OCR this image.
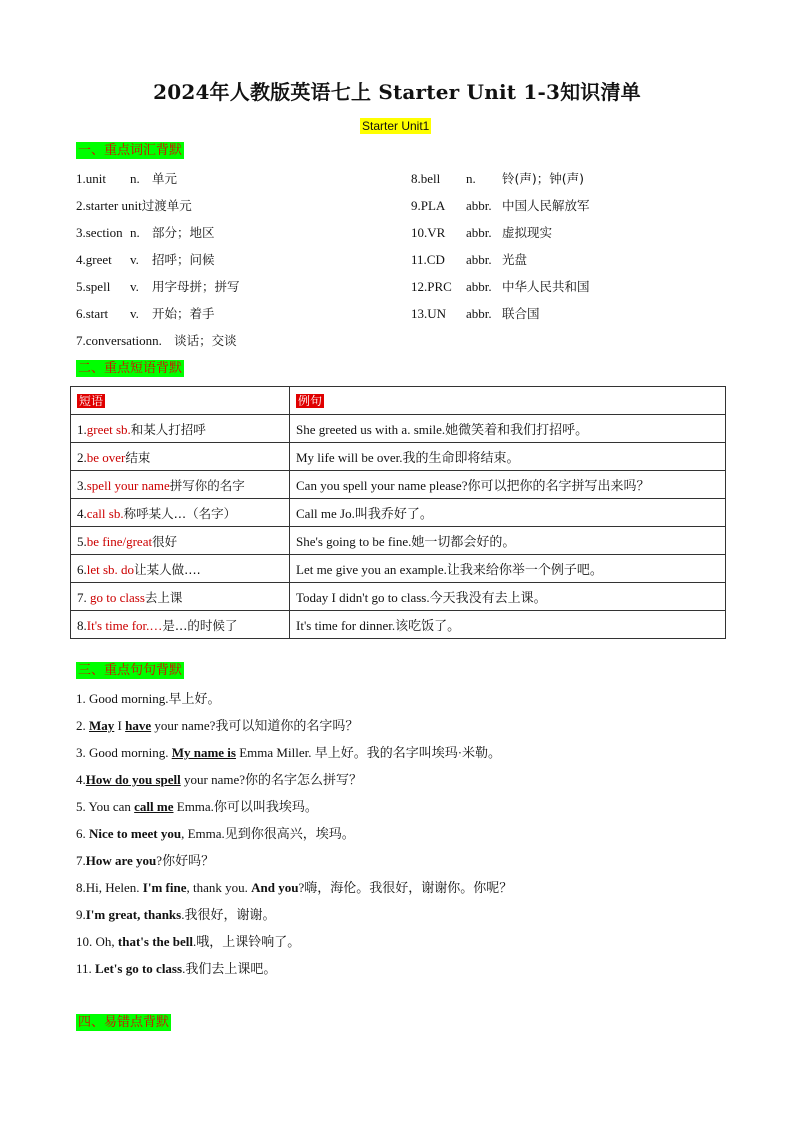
2024年人教版英语七上 Starter Unit 1-3知识清单
Starter Unit1
一、重点词汇背默
1.unit n. 单元
2.starter unit过渡单元
3.section n. 部分；地区
4.greet v. 招呼；问候
5.spell v. 用字母拼；拼写
6.start v. 开始；着手
7.conversationn. 谈话；交谈
8.bell n. 铃(声)；钟(声)
9.PLA abbr. 中国人民解放军
10.VR abbr. 虚拟现实
11.CD abbr. 光盘
12.PRC abbr. 中华人民共和国
13.UN abbr. 联合国
二、重点短语背默
短语	例句
1.greet sb.和某人打招呼	She greeted us with a. smile.她微笑着和我们打招呼。
2.be over结束	My life will be over.我的生命即将结束。
3.spell your name拼写你的名字	Can you spell your name please?你可以把你的名字拼写出来吗？
4.call sb.称呼某人…（名字）	Call me Jo.叫我乔好了。
5.be fine/great很好	She's going to be fine.她一切都会好的。
6.let sb. do让某人做….	Let me give you an example.让我来给你举一个例子吧。
7. go to class去上课	Today I didn't go to class.今天我没有去上课。
8.It's time for.…是…的时候了	It's time for dinner.该吃饭了。
三、重点句句背默
1. Good morning.早上好。
2. May I have your name?我可以知道你的名字吗？
3. Good morning. My name is Emma Miller. 早上好。我的名字叫埃玛·米勒。
4.How do you spell your name?你的名字怎么拼写？
5. You can call me Emma.你可以叫我埃玛。
6. Nice to meet you, Emma.见到你很高兴，埃玛。
7.How are you?你好吗？
8.Hi, Helen. I'm fine, thank you. And you?嗨，海伦。我很好，谢谢你。你呢？
9.I'm great, thanks.我很好，谢谢。
10. Oh, that's the bell.哦，上课铃响了。
11. Let's go to class.我们去上课吧。
四、易错点背默
